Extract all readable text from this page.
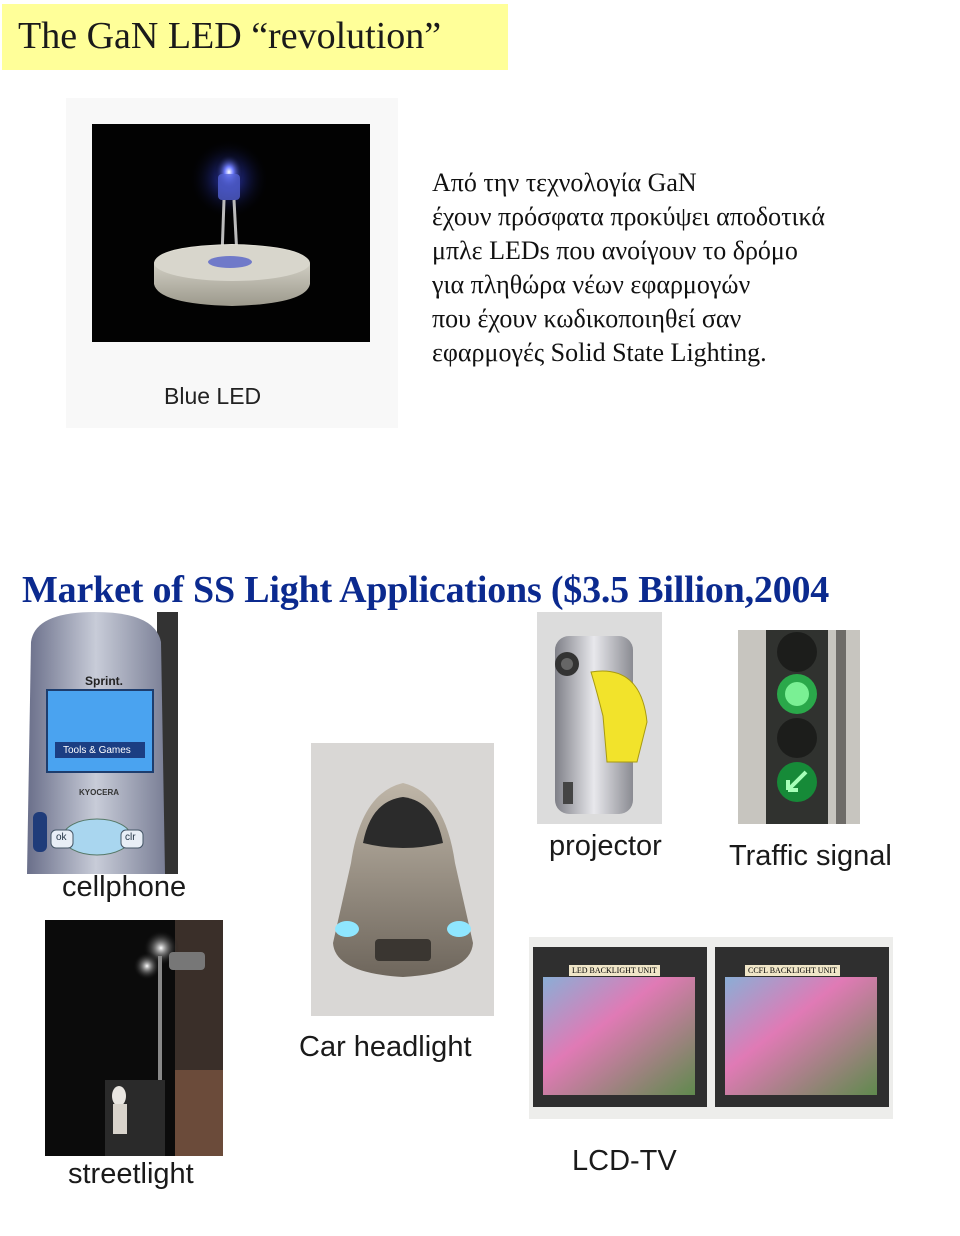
The GaN LED “revolution”
Blue LED
Από την τεχνολογία GaN
έχουν πρόσφατα προκύψει αποδοτικά
μπλε LEDs που ανοίγουν το δρόμο
για πληθώρα νέων εφαρμογών
που έχουν κωδικοποιηθεί σαν
εφαρμογές Solid State Lighting.
Market of SS Light Applications ($3.5 Billion,2004
Sprint.
Tools & Games
KYOCERA
ok	clr
cellphone
projector Traffic signal
Car headlight
streetlight
LED BACKLIGHT UNIT	CCFL BACKLIGHT UNIT
LCD-TV
